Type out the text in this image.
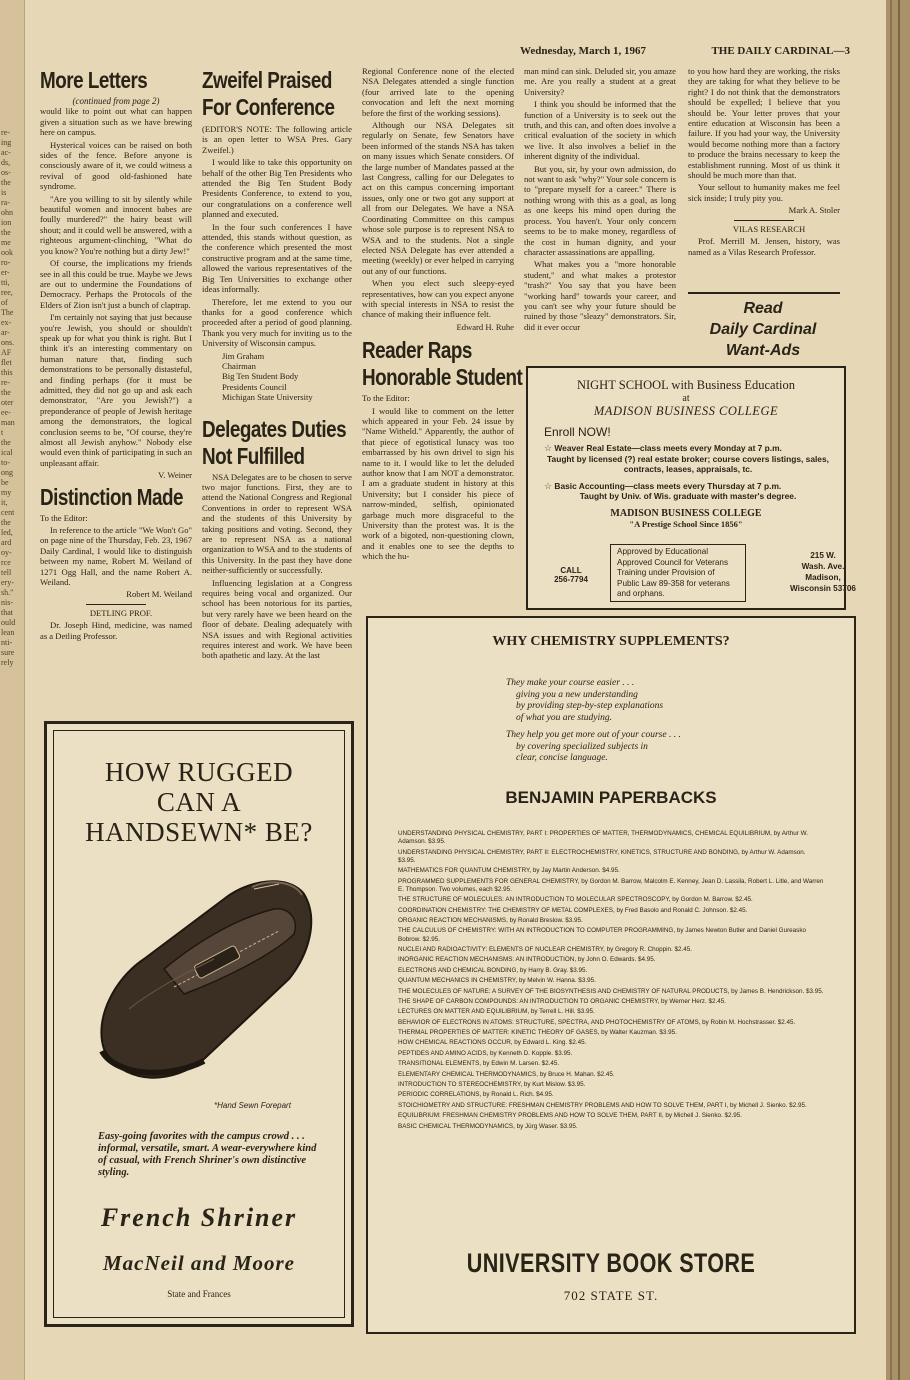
re-
ing
ac-
ds,
os-
the
is
ra-
ohn
ion
the
me
ook
ro-
er-
tti,
ree,
of
The
ex-
ar-
ons.
AF
flet
this
re-
the
oter
ee-
man
t
the
ical
to-
ong
be
my
it,
cent
the
led,
ard
oy-
rce
tell
ery-
sh."
nis-
that
ould
lean
nti-
sure
rely
Wednesday, March 1, 1967	THE DAILY CARDINAL—3
More Letters
(continued from page 2)

would like to point out what can happen given a situation such as we have brewing here on campus.

Hysterical voices can be raised on both sides of the fence. Before anyone is consciously aware of it, we could witness a revival of good old-fashioned hate syndrome.

"Are you willing to sit by silently while beautiful women and innocent babes are foully murdered?" the hairy beast will shout; and it could well be answered, with a righteous argument-clinching, "What do you know? You're nothing but a dirty Jew!"

Of course, the implications my friends see in all this could be true. Maybe we Jews are out to undermine the Foundations of Democracy. Perhaps the Protocols of the Elders of Zion isn't just a bunch of claptrap.

I'm certainly not saying that just because you're Jewish, you should or shouldn't speak up for what you think is right. But I think it's an interesting commentary on human nature that, finding such demonstrations to be personally distasteful, and finding perhaps (for it must be admitted, they did not go up and ask each demonstrator, "Are you Jewish?") a preponderance of people of Jewish heritage among the demonstrators, the logical conclusion seems to be, "Of course, they're almost all Jewish anyhow." Nobody else would even think of participating in such an unpleasant affair.

V. Weiner
Distinction Made

To the Editor:

In reference to the article "We Won't Go" on page nine of the Thursday, Feb. 23, 1967 Daily Cardinal, I would like to distinguish between my name, Robert M. Weiland of 1271 Ogg Hall, and the name Robert A. Weiland.

Robert M. Weiland

DETLING PROF.

Dr. Joseph Hind, medicine, was named as a Detling Professor.

Zweifel Praised
For Conference

(EDITOR'S NOTE: The following article is an open letter to WSA Pres. Gary Zweifel.)

I would like to take this opportunity on behalf of the other Big Ten Presidents who attended the Big Ten Student Body Presidents Conference, to extend to you, our congratulations on a conference well planned and executed.

In the four such conferences I have attended, this stands without question, as the conference which presented the most constructive program and at the same time, allowed the various representatives of the Big Ten Universities to exchange other ideas informally.

Therefore, let me extend to you our thanks for a good conference which proceeded after a period of good planning. Thank you very much for inviting us to the University of Wisconsin campus.

Jim Graham
Chairman
Big Ten Student Body
Presidents Council
Michigan State University
Delegates Duties
Not Fulfilled

NSA Delegates are to be chosen to serve two major functions. First, they are to attend the National Congress and Regional Conventions in order to represent WSA and the students of this University by taking positions and voting. Second, they are to represent NSA as a national organization to WSA and to the students of this University. In the past they have done neither-sufficiently or successfully.

Influencing legislation at a Congress requires being vocal and organized. Our school has been notorious for its parties, but very rarely have we been heard on the floor of debate. Dealing adequately with NSA issues and with Regional activities requires interest and work. We have been both apathetic and lazy. At the last

Regional Conference none of the elected NSA Delegates attended a single function (four arrived late to the opening convocation and left the next morning before the first of the working sessions).

Although our NSA Delegates sit regularly on Senate, few Senators have been informed of the stands NSA has taken on many issues which Senate considers. Of the large number of Mandates passed at the last Congress, calling for our Delegates to act on this campus concerning important issues, only one or two got any support at all from our Delegates. We have a NSA Coordinating Committee on this campus whose sole purpose is to represent NSA to WSA and to the students. Not a single elected NSA Delegate has ever attended a meeting (weekly) or ever helped in carrying out any of our functions.

When you elect such sleepy-eyed representatives, how can you expect anyone with special interests in NSA to resist the chance of making their influence felt.

Edward H. Ruhe
Reader Raps
Honorable Student

To the Editor:

I would like to comment on the letter which appeared in your Feb. 24 issue by "Name Witheld." Apparently, the author of that piece of egotistical lunacy was too embarrassed by his own drivel to sign his name to it. I would like to let the deluded author know that I am NOT a demonstrator. I am a graduate student in history at this University; but I consider his piece of narrow-minded, selfish, opinionated garbage much more disgraceful to the University than the protest was. It is the work of a bigoted, non-questioning clown, and it enables one to see the depths to which the hu-

man mind can sink. Deluded sir, you amaze me. Are you really a student at a great University?

I think you should be informed that the function of a University is to seek out the truth, and this can, and often does involve a critical evaluation of the society in which we live. It also involves a belief in the inherent dignity of the individual.

But you, sir, by your own admission, do not want to ask "why?" Your sole concern is to "prepare myself for a career." There is nothing wrong with this as a goal, as long as one keeps his mind open during the process. You haven't. Your only concern seems to be to make money, regardless of the cost in human dignity, and your character assassinations are appalling.

What makes you a "more honorable student," and what makes a protestor "trash?" You say that you have been "working hard" towards your career, and you can't see why your future should be ruined by those "sleazy" demonstrators. Sir, did it ever occur

to you how hard they are working, the risks they are taking for what they believe to be right? I do not think that the demonstrators should be expelled; I believe that you should be. Your letter proves that your entire education at Wisconsin has been a failure. If you had your way, the University would become nothing more than a factory to produce the brains necessary to keep the establishment running. Most of us think it should be much more than that.

Your sellout to humanity makes me feel sick inside; I truly pity you.

Mark A. Stoler

VILAS RESEARCH

Prof. Merrill M. Jensen, history, was named as a Vilas Research Professor.

Read
Daily Cardinal
Want-Ads
NIGHT SCHOOL with Business Education
at
MADISON BUSINESS COLLEGE
Enroll NOW!
☆ Weaver Real Estate—class meets every Monday at 7 p.m.
Taught by licensed (?) real estate broker; course covers listings, sales, contracts, leases, appraisals, tc.
☆ Basic Accounting—class meets every Thursday at 7 p.m.
Taught by Univ. of Wis. graduate with master's degree.
MADISON BUSINESS COLLEGE
"A Prestige School Since 1856"
CALL
256-7794
Approved by Educational Approved Council for Veterans Training under Provision of Public Law 89-358 for veterans and orphans.
215 W.
Wash. Ave.
Madison,
Wisconsin 53706
HOW RUGGED
CAN A
HANDSEWN* BE?
*Hand Sewn Forepart
Easy-going favorites with the campus crowd . . . informal, versatile, smart. A wear-everywhere kind of casual, with French Shriner's own distinctive styling.
French Shriner
MacNeil and Moore
State and Frances
WHY CHEMISTRY SUPPLEMENTS?
They make your course easier . . .
giving you a new understanding
by providing step-by-step explanations
of what you are studying.
They help you get more out of your course . . .
by covering specialized subjects in
clear, concise language.
BENJAMIN PAPERBACKS
UNDERSTANDING PHYSICAL CHEMISTRY, PART I: PROPERTIES OF MATTER, THERMODYNAMICS, CHEMICAL EQUILIBRIUM, by Arthur W. Adamson. $3.95.
UNDERSTANDING PHYSICAL CHEMISTRY, PART II: ELECTROCHEMISTRY, KINETICS, STRUCTURE AND BONDING, by Arthur W. Adamson. $3.95.
MATHEMATICS FOR QUANTUM CHEMISTRY, by Jay Martin Anderson. $4.95.
PROGRAMMED SUPPLEMENTS FOR GENERAL CHEMISTRY, by Gordon M. Barrow, Malcolm E. Kenney, Jean D. Lassila, Robert L. Litle, and Warren E. Thompson. Two volumes, each $2.95.
THE STRUCTURE OF MOLECULES: AN INTRODUCTION TO MOLECULAR SPECTROSCOPY, by Gordon M. Barrow. $2.45.
COORDINATION CHEMISTRY: THE CHEMISTRY OF METAL COMPLEXES, by Fred Basolo and Ronald C. Johnson. $2.45.
ORGANIC REACTION MECHANISMS, by Ronald Breslow. $3.95.
THE CALCULUS OF CHEMISTRY: WITH AN INTRODUCTION TO COMPUTER PROGRAMMING, by James Newton Butler and Daniel Gureasko Bobrow. $2.95.
NUCLEI AND RADIOACTIVITY: ELEMENTS OF NUCLEAR CHEMISTRY, by Gregory R. Choppin. $2.45.
INORGANIC REACTION MECHANISMS: AN INTRODUCTION, by John O. Edwards. $4.95.
ELECTRONS AND CHEMICAL BONDING, by Harry B. Gray. $3.95.
QUANTUM MECHANICS IN CHEMISTRY, by Melvin W. Hanna. $3.95.
THE MOLECULES OF NATURE: A SURVEY OF THE BIOSYNTHESIS AND CHEMISTRY OF NATURAL PRODUCTS, by James B. Hendrickson. $3.95.
THE SHAPE OF CARBON COMPOUNDS: AN INTRODUCTION TO ORGANIC CHEMISTRY, by Werner Herz. $2.45.
LECTURES ON MATTER AND EQUILIBRIUM, by Terrell L. Hill. $3.95.
BEHAVIOR OF ELECTRONS IN ATOMS: STRUCTURE, SPECTRA, AND PHOTOCHEMISTRY OF ATOMS, by Robin M. Hochstrasser. $2.45.
THERMAL PROPERTIES OF MATTER: KINETIC THEORY OF GASES, by Walter Kauzman. $3.95.
HOW CHEMICAL REACTIONS OCCUR, by Edward L. King. $2.45.
PEPTIDES AND AMINO ACIDS, by Kenneth D. Kopple. $3.95.
TRANSITIONAL ELEMENTS, by Edwin M. Larsen. $2.45.
ELEMENTARY CHEMICAL THERMODYNAMICS, by Bruce H. Mahan. $2.45.
INTRODUCTION TO STEREOCHEMISTRY, by Kurt Mislow. $3.95.
PERIODIC CORRELATIONS, by Ronald L. Rich. $4.95.
STOICHIOMETRY AND STRUCTURE: FRESHMAN CHEMISTRY PROBLEMS AND HOW TO SOLVE THEM, PART I, by Michell J. Sienko. $2.95.
EQUILIBRIUM: FRESHMAN CHEMISTRY PROBLEMS AND HOW TO SOLVE THEM, PART II, by Michell J. Sienko. $2.95.
BASIC CHEMICAL THERMODYNAMICS, by Jürg Waser. $3.95.
UNIVERSITY BOOK STORE
702 STATE ST.
